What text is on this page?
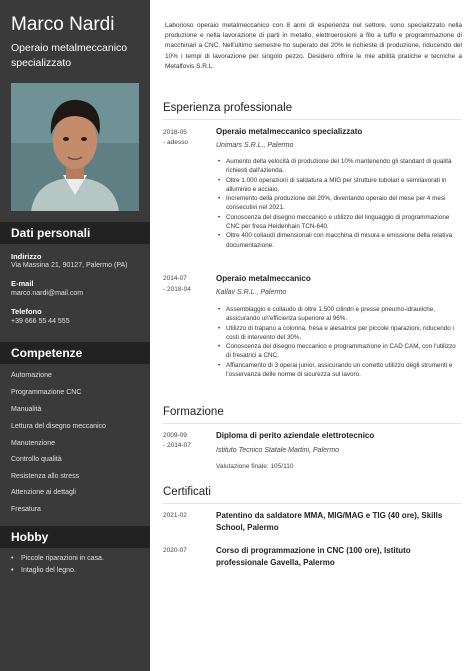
Marco Nardi
Operaio metalmeccanico specializzato
Dati personali
Indirizzo
Via Massina 21, 90127, Palermo (PA)
E-mail
marco.nardi@mail.com
Telefono
+39 666 55 44 555
Competenze
Automazione
Programmazione CNC
Manualità
Lettura del disegno meccanico
Manutenzione
Controllo qualità
Resistenza allo stress
Attenzione ai dettagli
Fresatura
Hobby
• Piccole riparazioni in casa.
• Intaglio del legno.
Laborioso operaio metalmeccanico con 8 anni di esperienza nel settore, sono specializzato nella produzione e nella lavorazione di parti in metallo, elettroerosioni a filo a tuffo e programmazione di macchinari a CNC. Nell'ultimo semestre ho superato del 20% le richieste di produzione, riducendo del 10% i tempi di lavorazione per singolo pezzo. Desidero offrire le mie abilità pratiche e tecniche a Metalfovis S.R.L.
Esperienza professionale
2018-05
- adesso
Operaio metalmeccanico specializzato
Unimars S.R.L., Palermo
• Aumento della velocità di produzione del 10% mantenendo gli standard di qualità richiesti dall'azienda.
• Oltre 1.000 operazioni di saldatura a MIG per strutture tubolari e semilavorati in alluminio e acciaio.
• Incremento della produzione del 20%, diventando operaio del mese per 4 mesi consecutivi nel 2021.
• Conoscenza del disegno meccanico e utilizzo del linguaggio di programmazione CNC per fresa Heidenhain TCN-640.
• Oltre 400 collaudi dimensionali con macchina di misura e emissione della relativa documentazione.
2014-07
- 2018-04
Operaio metalmeccanico
Kallav S.R.L., Palermo
• Assemblaggio e collaudo di oltre 1.500 cilindri e presse pneumo-idrauliche, assicurando un'efficienza superiore al 96%.
• Utilizzo di trapano a colonna, fresa e alesatrice per piccole riparazioni, riducendo i costi di intervento del 30%.
• Conoscenza del disegno meccanico e programmazione in CAD CAM, con l'utilizzo di fresatrici a CNC.
• Affiancamento di 3 operai junior, assicurando un corretto utilizzo degli strumenti e l'osservanza delle norme di sicurezza sul lavoro.
Formazione
2009-09
- 2014-07
Diploma di perito aziendale elettrotecnico
Istituto Tecnico Statale Martini, Palermo
Valutazione finale: 105/110
Certificati
2021-02	Patentino da saldatore MMA, MIG/MAG e TIG (40 ore), Skills School, Palermo
2020-07	Corso di programmazione in CNC (100 ore), Istituto professionale Gavella, Palermo
